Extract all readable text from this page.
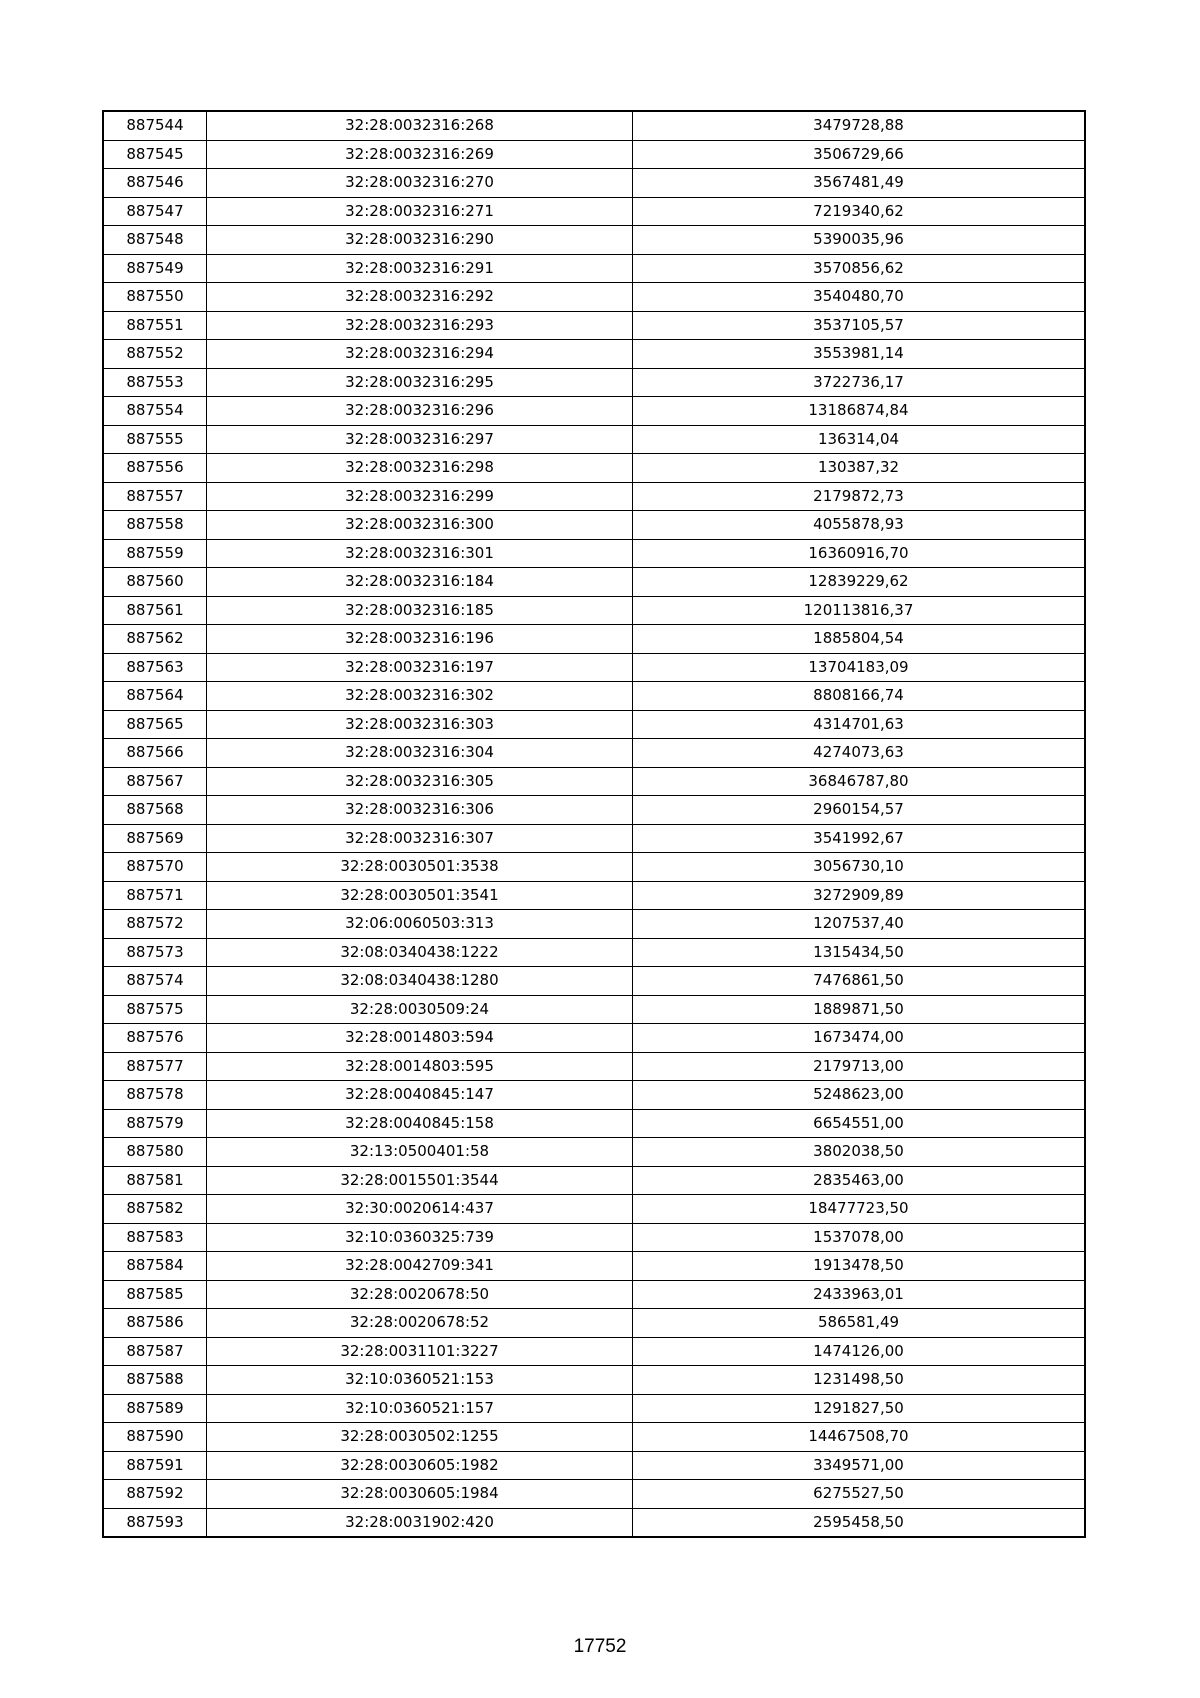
887544	32:28:0032316:268	3479728,88
887545	32:28:0032316:269	3506729,66
887546	32:28:0032316:270	3567481,49
887547	32:28:0032316:271	7219340,62
887548	32:28:0032316:290	5390035,96
887549	32:28:0032316:291	3570856,62
887550	32:28:0032316:292	3540480,70
887551	32:28:0032316:293	3537105,57
887552	32:28:0032316:294	3553981,14
887553	32:28:0032316:295	3722736,17
887554	32:28:0032316:296	13186874,84
887555	32:28:0032316:297	136314,04
887556	32:28:0032316:298	130387,32
887557	32:28:0032316:299	2179872,73
887558	32:28:0032316:300	4055878,93
887559	32:28:0032316:301	16360916,70
887560	32:28:0032316:184	12839229,62
887561	32:28:0032316:185	120113816,37
887562	32:28:0032316:196	1885804,54
887563	32:28:0032316:197	13704183,09
887564	32:28:0032316:302	8808166,74
887565	32:28:0032316:303	4314701,63
887566	32:28:0032316:304	4274073,63
887567	32:28:0032316:305	36846787,80
887568	32:28:0032316:306	2960154,57
887569	32:28:0032316:307	3541992,67
887570	32:28:0030501:3538	3056730,10
887571	32:28:0030501:3541	3272909,89
887572	32:06:0060503:313	1207537,40
887573	32:08:0340438:1222	1315434,50
887574	32:08:0340438:1280	7476861,50
887575	32:28:0030509:24	1889871,50
887576	32:28:0014803:594	1673474,00
887577	32:28:0014803:595	2179713,00
887578	32:28:0040845:147	5248623,00
887579	32:28:0040845:158	6654551,00
887580	32:13:0500401:58	3802038,50
887581	32:28:0015501:3544	2835463,00
887582	32:30:0020614:437	18477723,50
887583	32:10:0360325:739	1537078,00
887584	32:28:0042709:341	1913478,50
887585	32:28:0020678:50	2433963,01
887586	32:28:0020678:52	586581,49
887587	32:28:0031101:3227	1474126,00
887588	32:10:0360521:153	1231498,50
887589	32:10:0360521:157	1291827,50
887590	32:28:0030502:1255	14467508,70
887591	32:28:0030605:1982	3349571,00
887592	32:28:0030605:1984	6275527,50
887593	32:28:0031902:420	2595458,50
17752
